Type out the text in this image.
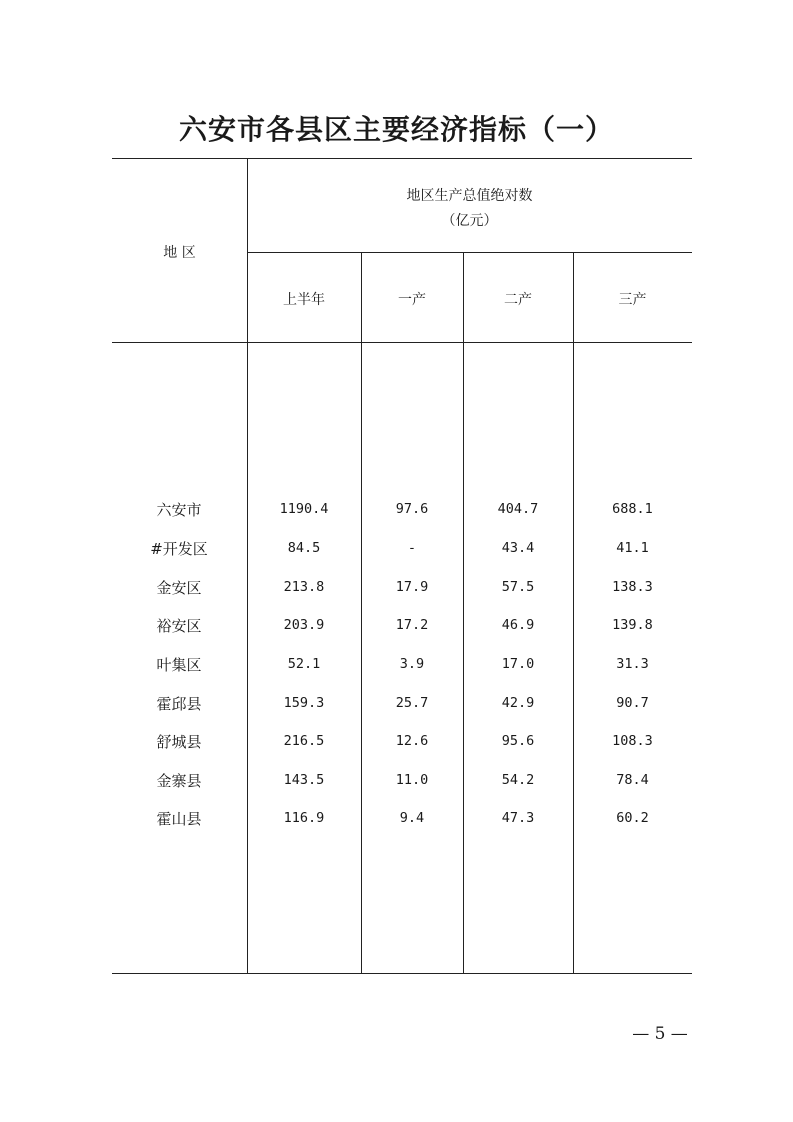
六安市各县区主要经济指标（一）
地 区
地区生产总值绝对数
（亿元）
上半年	一产	二产	三产
六安市	1190.4	97.6	404.7	688.1
#开发区	84.5	-	43.4	41.1
金安区	213.8	17.9	57.5	138.3
裕安区	203.9	17.2	46.9	139.8
叶集区	52.1	3.9	17.0	31.3
霍邱县	159.3	25.7	42.9	90.7
舒城县	216.5	12.6	95.6	108.3
金寨县	143.5	11.0	54.2	78.4
霍山县	116.9	9.4	47.3	60.2
— 5 —
